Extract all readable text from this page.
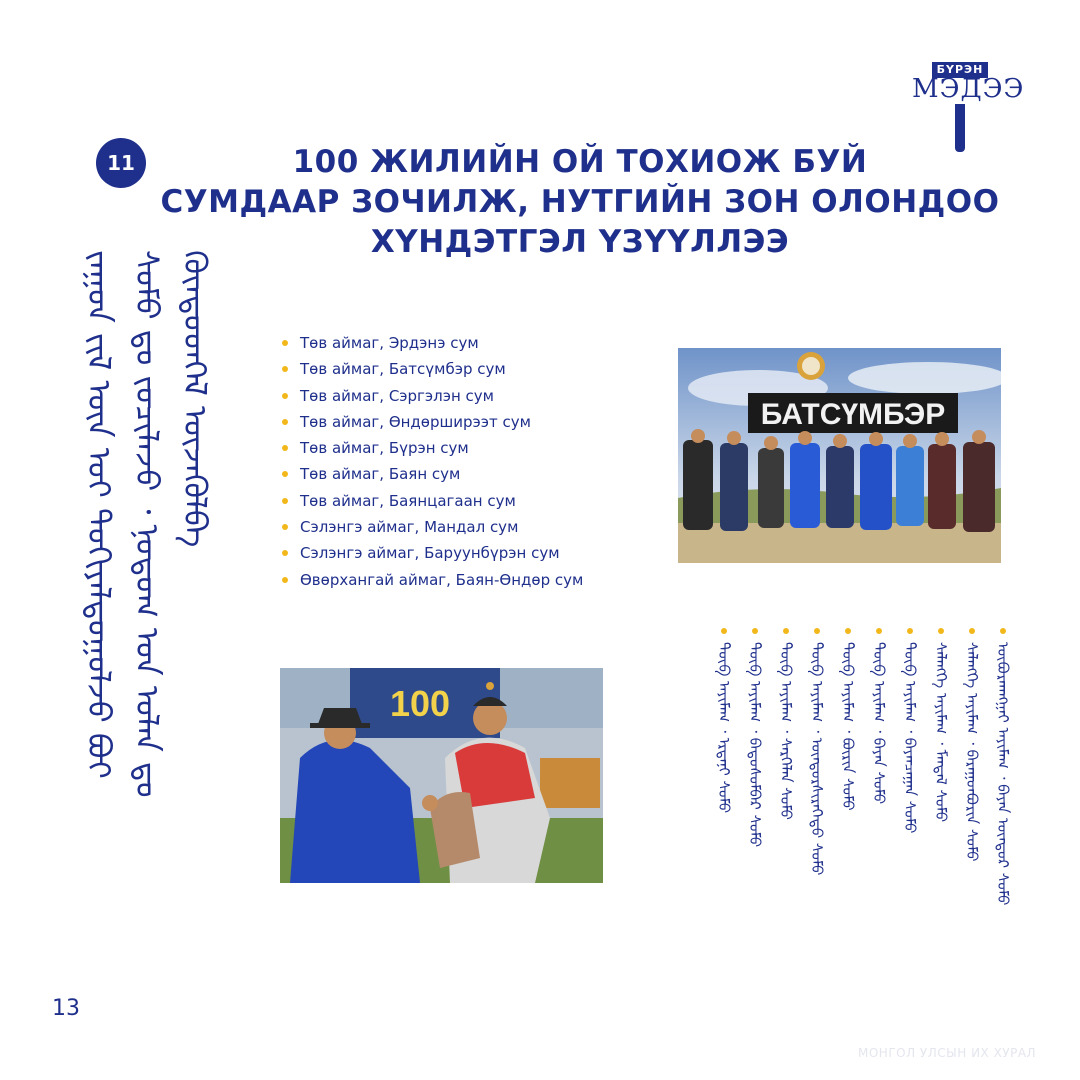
БҮРЭН
МЭДЭЭ
11	100 ЖИЛИЙН ОЙ ТОХИОЖ БУЙ
СУМДААР ЗОЧИЛЖ, НУТГИЙН ЗОН ОЛОНДОО
ХҮНДЭТГЭЛ ҮЗҮҮЛЛЭЭ
ᠵᠠᠭᠤᠨ ᠵᠢᠯ ᠦᠨ ᠣᠢ ᠲᠣᠬᠢᠶᠠᠯᠳᠤᠭᠤᠯᠵᠤ ᠪᠤᠢ ᠰᠤᠮᠤ ᠳᠤ ᠵᠣᠴᠢᠯᠠᠵᠤ ᠂ ᠨᠤᠲᠤᠭ ᠤᠨ ᠣᠯᠠᠨ ᠳᠤ ᠬᠦᠨᠳᠦᠳᠬᠡᠯ ᠦᠵᠡᠭᠦᠯᠪᠡ	Төв аймаг, Эрдэнэ сум
Төв аймаг, Батсүмбэр сум
Төв аймаг, Сэргэлэн сум
Төв аймаг, Өндөрширээт сум
Төв аймаг, Бүрэн сум
Төв аймаг, Баян сум
Төв аймаг, Баянцагаан сум
Сэлэнгэ аймаг, Мандал сум
Сэлэнгэ аймаг, Баруунбүрэн сум
Өвөрхангай аймаг, Баян-Өндөр сум
БАТСҮМБЭР
100	ᠲᠥᠪ ᠠᠶᠢᠮᠠᠭ ᠂ ᠡᠷᠳᠡᠨᠢ ᠰᠤᠮᠤ ᠲᠥᠪ ᠠᠶᠢᠮᠠᠭ ᠂ ᠪᠠᠲᠤᠰᠦᠮᠪᠡᠷ ᠰᠤᠮᠤ ᠲᠥᠪ ᠠᠶᠢᠮᠠᠭ ᠂ ᠰᠡᠷᠭᠡᠯᠡᠨ ᠰᠤᠮᠤ ᠲᠥᠪ ᠠᠶᠢᠮᠠᠭ ᠂ ᠥᠨᠳᠥᠷᠰᠢᠷᠡᠭᠡᠲᠦ ᠰᠤᠮᠤ ᠲᠥᠪ ᠠᠶᠢᠮᠠᠭ ᠂ ᠪᠦᠷᠢᠨ ᠰᠤᠮᠤ ᠲᠥᠪ ᠠᠶᠢᠮᠠᠭ ᠂ ᠪᠠᠶᠠᠨ ᠰᠤᠮᠤ ᠲᠥᠪ ᠠᠶᠢᠮᠠᠭ ᠂ ᠪᠠᠶᠠᠨᠴᠠᠭᠠᠨ ᠰᠤᠮᠤ ᠰᠡᠯᠡᠩᠭᠡ ᠠᠶᠢᠮᠠᠭ ᠂ ᠮᠠᠨᠳᠠᠯ ᠰᠤᠮᠤ ᠰᠡᠯᠡᠩᠭᠡ ᠠᠶᠢᠮᠠᠭ ᠂ ᠪᠠᠷᠠᠭᠤᠨᠪᠦᠷᠢᠨ ᠰᠤᠮᠤ ᠥᠪᠥᠷᠬᠠᠩᠭᠠᠢ ᠠᠶᠢᠮᠠᠭ ᠂ ᠪᠠᠶᠠᠨ ᠥᠨᠳᠥᠷ ᠰᠤᠮᠤ
13
МОНГОЛ УЛСЫН ИХ ХУРАЛ
